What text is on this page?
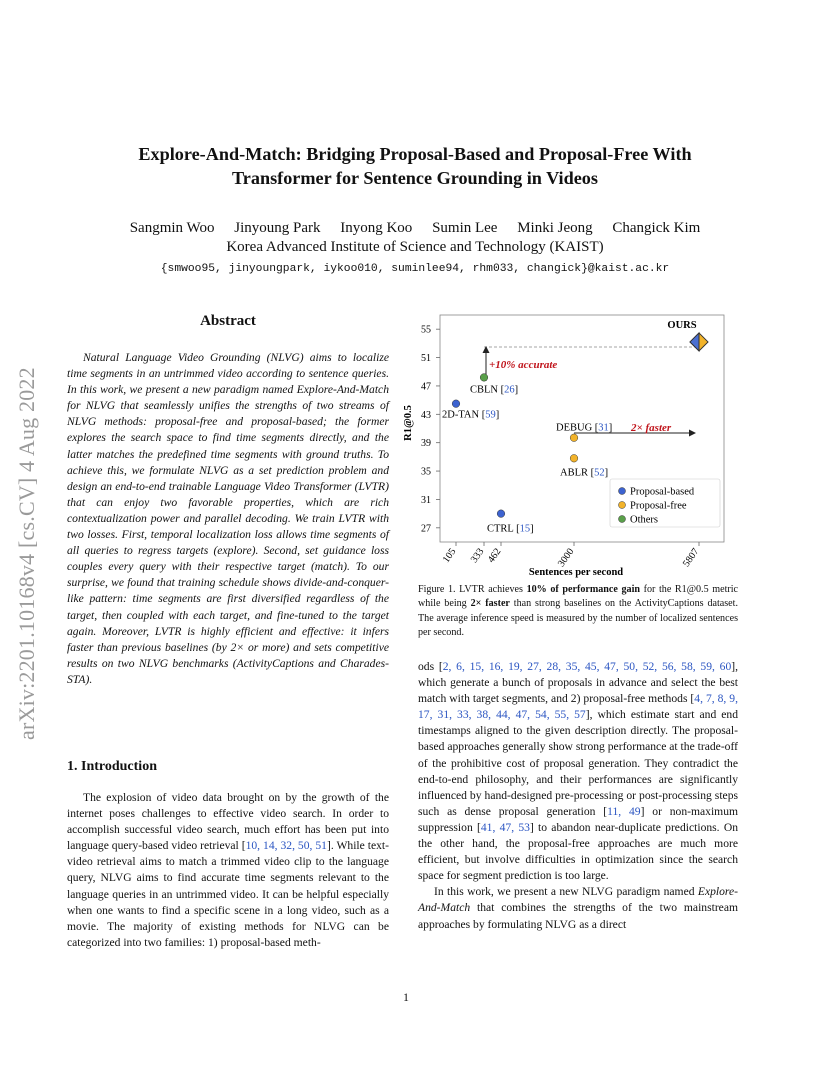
arXiv:2201.10168v4 [cs.CV] 4 Aug 2022
Explore-And-Match: Bridging Proposal-Based and Proposal-Free With
Transformer for Sentence Grounding in Videos
Sangmin Woo Jinyoung Park Inyong Koo Sumin Lee Minki Jeong Changick Kim
Korea Advanced Institute of Science and Technology (KAIST)
{smwoo95, jinyoungpark, iykoo010, suminlee94, rhm033, changick}@kaist.ac.kr
Abstract
Natural Language Video Grounding (NLVG) aims to localize time segments in an untrimmed video according to sentence queries. In this work, we present a new paradigm named Explore-And-Match for NLVG that seamlessly unifies the strengths of two streams of NLVG methods: proposal-free and proposal-based; the former explores the search space to find time segments directly, and the latter matches the predefined time segments with ground truths. To achieve this, we formulate NLVG as a set prediction problem and design an end-to-end trainable Language Video Transformer (LVTR) that can enjoy two favorable properties, which are rich contextualization power and parallel decoding. We train LVTR with two losses. First, temporal localization loss allows time segments of all queries to regress targets (explore). Second, set guidance loss couples every query with their respective target (match). To our surprise, we found that training schedule shows divide-and-conquer-like pattern: time segments are first diversified regardless of the target, then coupled with each target, and fine-tuned to the target again. Moreover, LVTR is highly efficient and effective: it infers faster than previous baselines (by 2× or more) and sets competitive results on two NLVG benchmarks (ActivityCaptions and Charades-STA).
1. Introduction
The explosion of video data brought on by the growth of the internet poses challenges to effective video search. In order to accomplish successful video search, much effort has been put into language query-based video retrieval [10, 14, 32, 50, 51]. While text-video retrieval aims to match a trimmed video clip to the language query, NLVG aims to find accurate time segments relevant to the language queries in an untrimmed video. It can be helpful especially when one wants to find a specific scene in a long video, such as a movie. The majority of existing methods for NLVG can be categorized into two families: 1) proposal-based meth-
27
31
35
39
43
47
51
55
105 333 462	3000	5807
R1@0.5
Sentences per second
+10% accurate
2× faster
OURS
CBLN [26]
2D-TAN [59]
DEBUG [31]
ABLR [52]
CTRL [15]
Proposal-based
Proposal-free
Others
Figure 1. LVTR achieves 10% of performance gain for the R1@0.5 metric while being 2× faster than strong baselines on the ActivityCaptions dataset. The average inference speed is measured by the number of localized sentences per second.

ods [2, 6, 15, 16, 19, 27, 28, 35, 45, 47, 50, 52, 56, 58, 59, 60], which generate a bunch of proposals in advance and select the best match with target segments, and 2) proposal-free methods [4, 7, 8, 9, 17, 31, 33, 38, 44, 47, 54, 55, 57], which estimate start and end timestamps aligned to the given description directly. The proposal-based approaches generally show strong performance at the trade-off of the prohibitive cost of proposal generation. They contradict the end-to-end philosophy, and their performances are significantly influenced by hand-designed pre-processing or post-processing steps such as dense proposal generation [11, 49] or non-maximum suppression [41, 47, 53] to abandon near-duplicate predictions. On the other hand, the proposal-free approaches are much more efficient, but involve difficulties in optimization since the search space for segment prediction is too large.

In this work, we present a new NLVG paradigm named Explore-And-Match that combines the strengths of the two mainstream approaches by formulating NLVG as a direct

1
